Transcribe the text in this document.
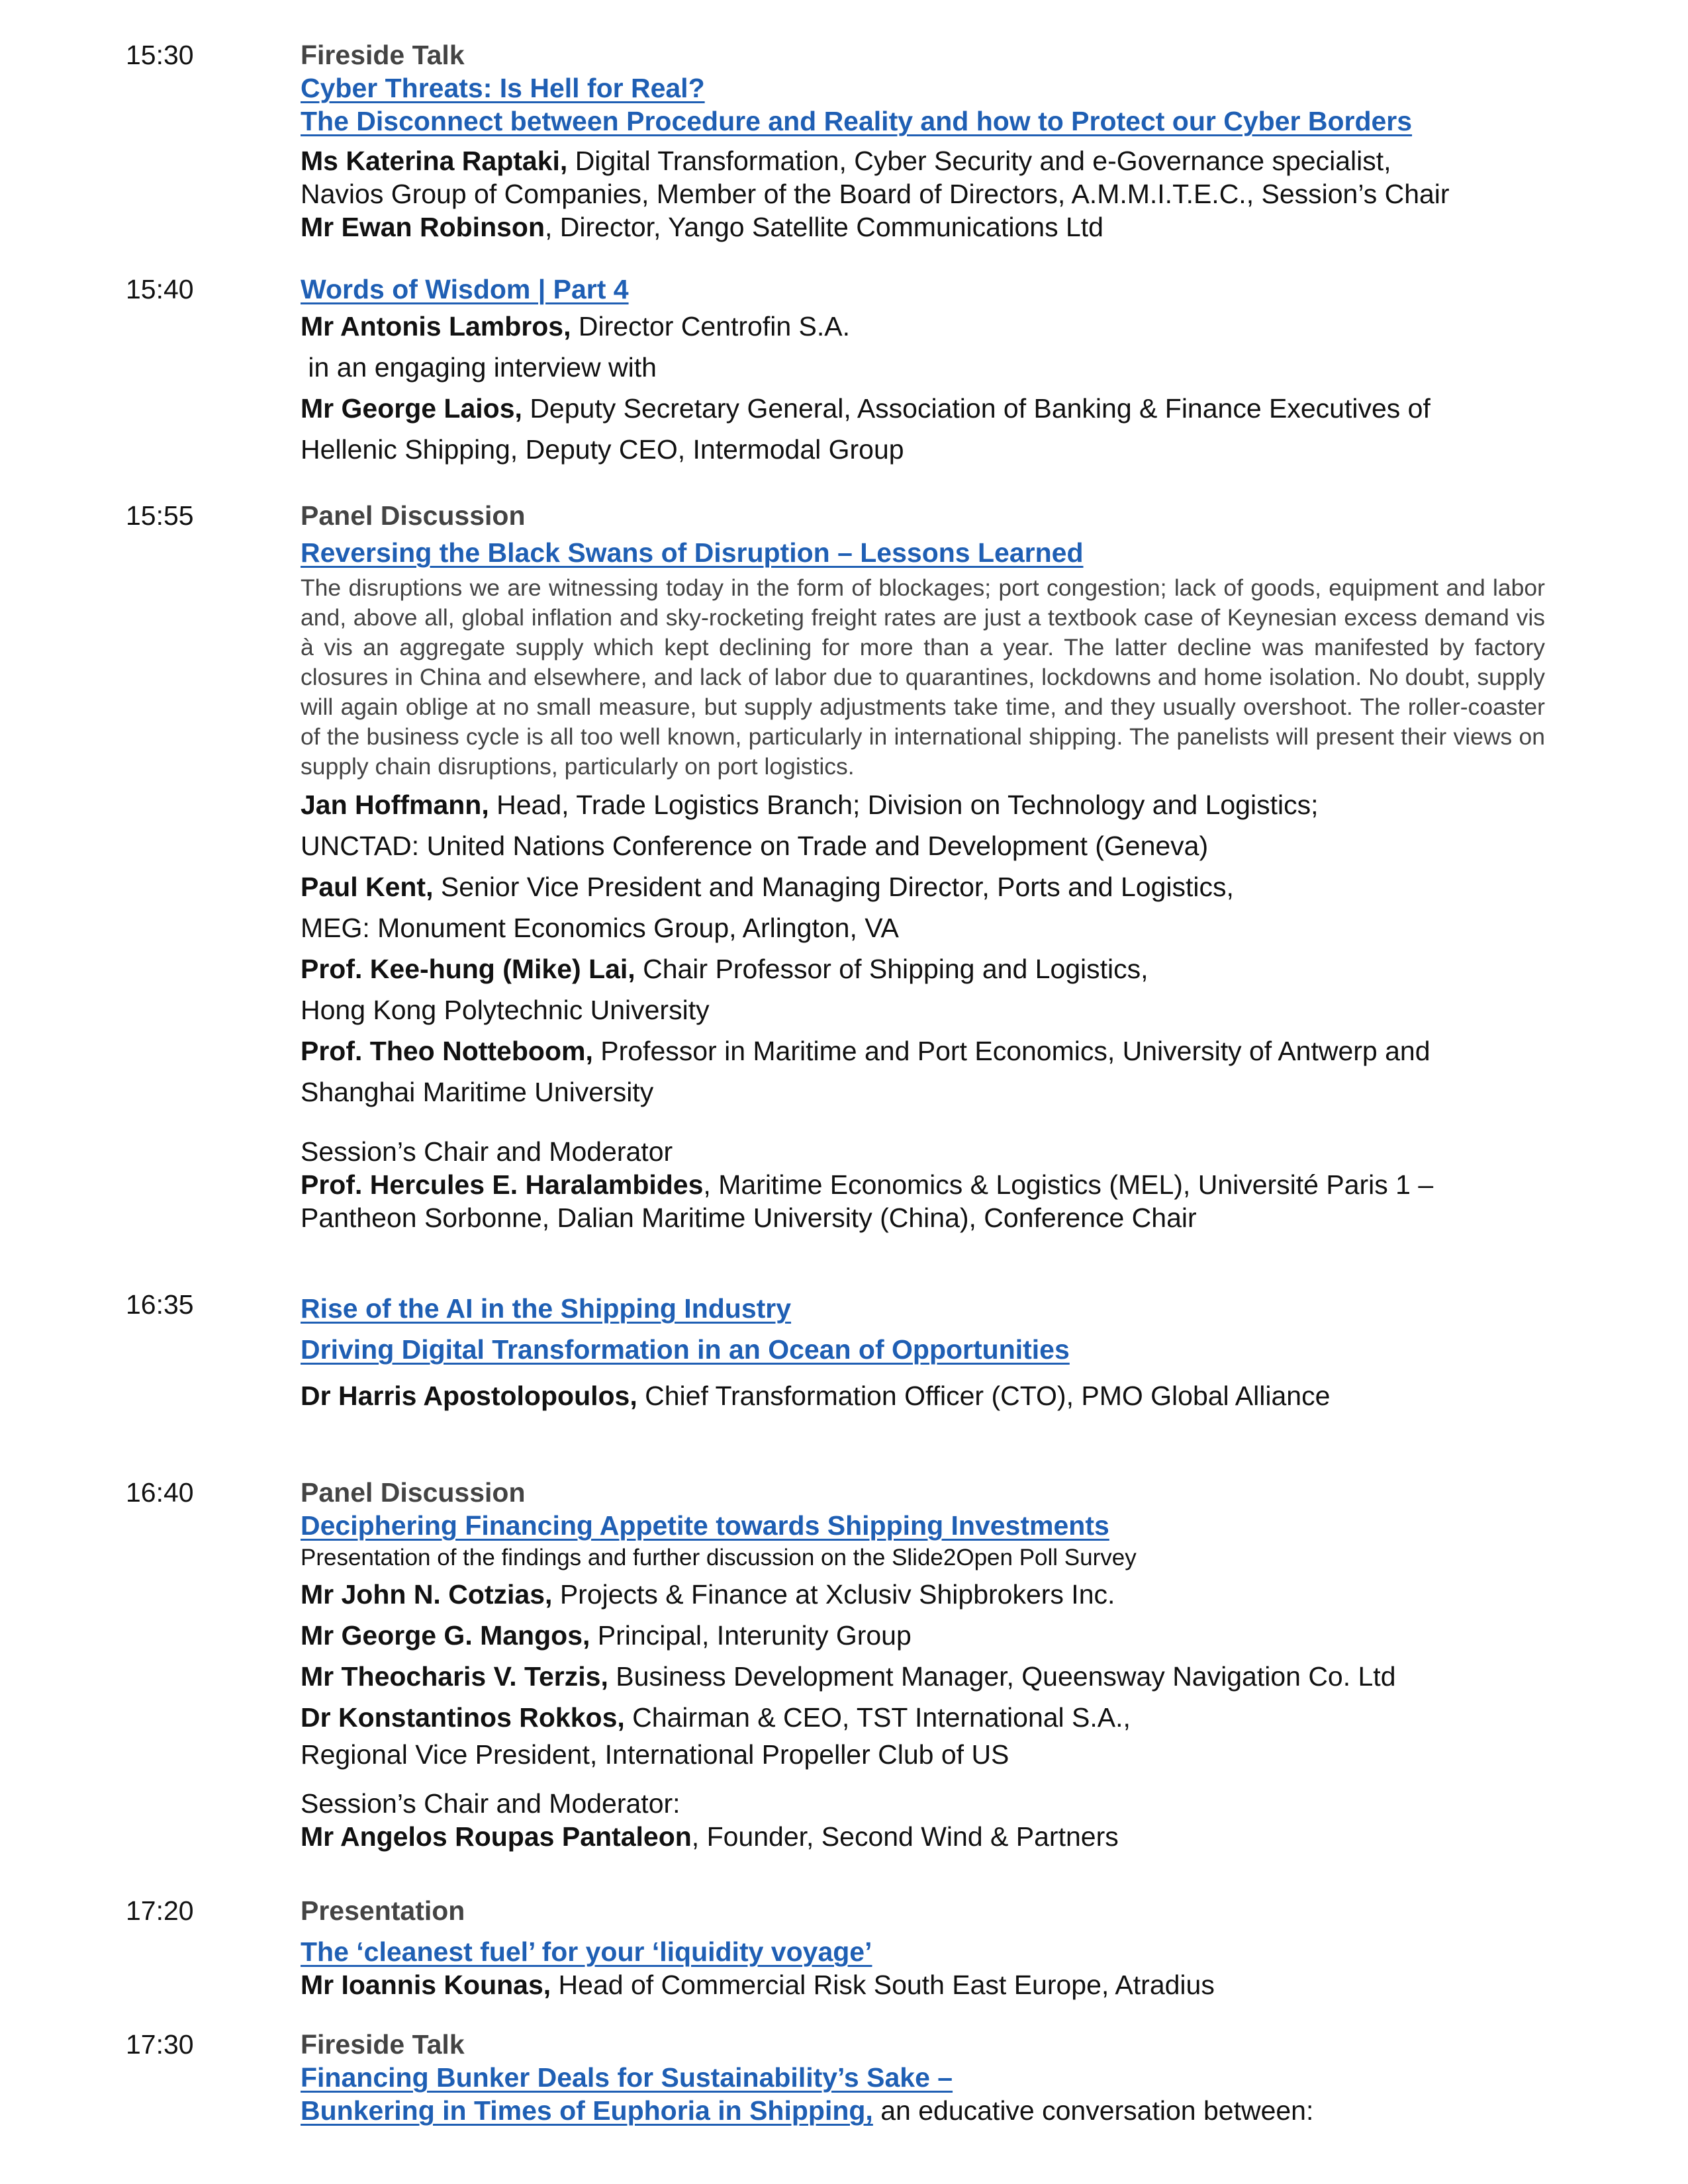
15:30	Fireside Talk
Cyber Threats: Is Hell for Real?
The Disconnect between Procedure and Reality and how to Protect our Cyber Borders
Ms Katerina Raptaki, Digital Transformation, Cyber Security and e-Governance specialist,
Navios Group of Companies, Member of the Board of Directors, A.M.M.I.T.E.C., Session’s Chair
Mr Ewan Robinson, Director, Yango Satellite Communications Ltd
15:40	Words of Wisdom | Part 4
Mr Antonis Lambros, Director Centrofin S.A.
in an engaging interview with
Mr George Laios, Deputy Secretary General, Association of Banking & Finance Executives of
Hellenic Shipping, Deputy CEO, Intermodal Group
15:55	Panel Discussion
Reversing the Black Swans of Disruption – Lessons Learned
The disruptions we are witnessing today in the form of blockages; port congestion; lack of goods, equipment and labor and, above all, global inflation and sky-rocketing freight rates are just a textbook case of Keynesian excess demand vis à vis an aggregate supply which kept declining for more than a year. The latter decline was manifested by factory closures in China and elsewhere, and lack of labor due to quarantines, lockdowns and home isolation. No doubt, supply will again oblige at no small measure, but supply adjustments take time, and they usually overshoot. The roller-coaster of the business cycle is all too well known, particularly in international shipping. The panelists will present their views on supply chain disruptions, particularly on port logistics.
Jan Hoffmann, Head, Trade Logistics Branch; Division on Technology and Logistics;
UNCTAD: United Nations Conference on Trade and Development (Geneva)
Paul Kent, Senior Vice President and Managing Director, Ports and Logistics,
MEG: Monument Economics Group, Arlington, VA
Prof. Kee-hung (Mike) Lai, Chair Professor of Shipping and Logistics,
Hong Kong Polytechnic University
Prof. Theo Notteboom, Professor in Maritime and Port Economics, University of Antwerp and
Shanghai Maritime University
Session’s Chair and Moderator
Prof. Hercules E. Haralambides, Maritime Economics & Logistics (MEL), Université Paris 1 –
Pantheon Sorbonne, Dalian Maritime University (China), Conference Chair
16:35	Rise of the AI in the Shipping Industry
Driving Digital Transformation in an Ocean of Opportunities
Dr Harris Apostolopoulos, Chief Transformation Officer (CTO), PMO Global Alliance
16:40	Panel Discussion
Deciphering Financing Appetite towards Shipping Investments
Presentation of the findings and further discussion on the Slide2Open Poll Survey
Mr John N. Cotzias, Projects & Finance at Xclusiv Shipbrokers Inc.
Mr George G. Mangos, Principal, Interunity Group
Mr Theocharis V. Terzis, Business Development Manager, Queensway Navigation Co. Ltd
Dr Konstantinos Rokkos, Chairman & CEO, TST International S.A.,
Regional Vice President, International Propeller Club of US
Session’s Chair and Moderator:
Mr Angelos Roupas Pantaleon, Founder, Second Wind & Partners
17:20	Presentation
The ‘cleanest fuel’ for your ‘liquidity voyage’
Mr Ioannis Kounas, Head of Commercial Risk South East Europe, Atradius
17:30	Fireside Talk
Financing Bunker Deals for Sustainability’s Sake –
Bunkering in Times of Euphoria in Shipping, an educative conversation between:
